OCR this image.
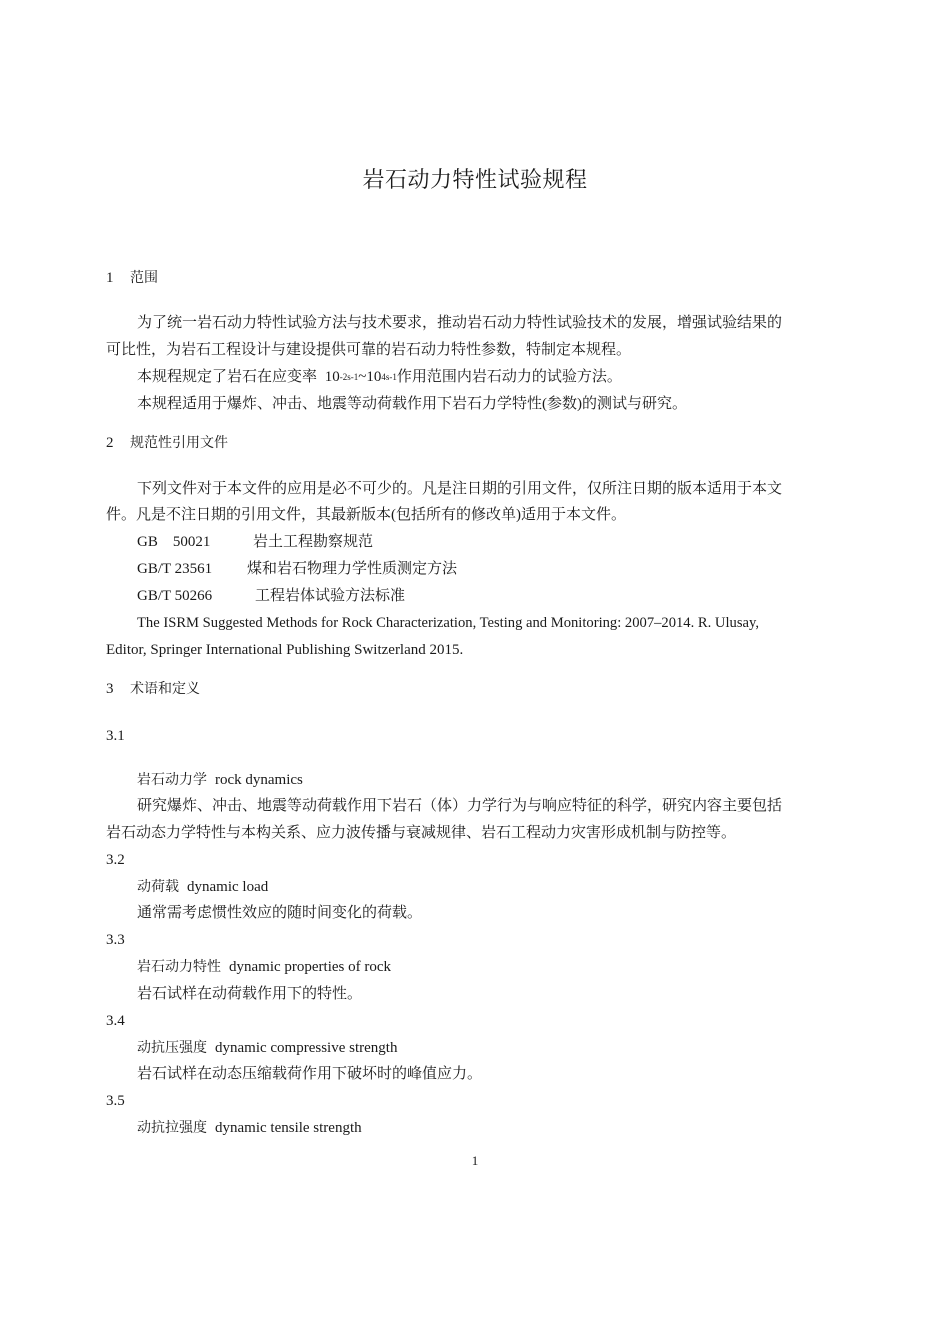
岩石动力特性试验规程
1 范围
为了统一岩石动力特性试验方法与技术要求，推动岩石动力特性试验技术的发展，增强试验结果的
可比性，为岩石工程设计与建设提供可靠的岩石动力特性参数，特制定本规程。
本规程规定了岩石在应变率 10-2s-1~104s-1作用范围内岩石动力的试验方法。
本规程适用于爆炸、冲击、地震等动荷载作用下岩石力学特性(参数)的测试与研究。
2 规范性引用文件
下列文件对于本文件的应用是必不可少的。凡是注日期的引用文件，仅所注日期的版本适用于本文
件。凡是不注日期的引用文件，其最新版本(包括所有的修改单)适用于本文件。
GB    50021	岩土工程勘察规范
GB/T 23561 煤和岩石物理力学性质测定方法
GB/T 50266	工程岩体试验方法标准
The ISRM Suggested Methods for Rock Characterization, Testing and Monitoring: 2007–2014. R. Ulusay,
Editor, Springer International Publishing Switzerland 2015.
3 术语和定义
3.1
岩石动力学 rock dynamics
研究爆炸、冲击、地震等动荷载作用下岩石（体）力学行为与响应特征的科学，研究内容主要包括
岩石动态力学特性与本构关系、应力波传播与衰减规律、岩石工程动力灾害形成机制与防控等。
3.2
动荷载 dynamic load
通常需考虑惯性效应的随时间变化的荷载。
3.3
岩石动力特性 dynamic properties of rock
岩石试样在动荷载作用下的特性。
3.4
动抗压强度 dynamic compressive strength
岩石试样在动态压缩载荷作用下破坏时的峰值应力。
3.5
动抗拉强度 dynamic tensile strength
1
